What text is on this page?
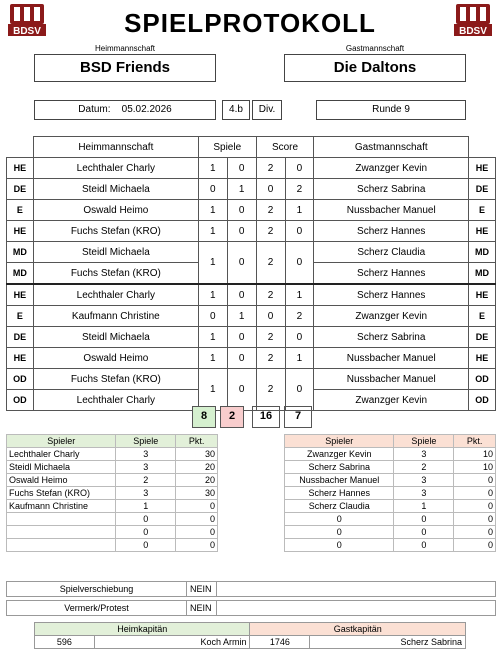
BDSV	BDSV
SPIELPROTOKOLL
Heimmannschaft	Gastmannschaft
BSD Friends	Die Daltons
Datum: 05.02.2026	4.b	Div.	Runde 9
	Heimmannschaft	Spiele		Score		Gastmannschaft	
HE	Lechthaler Charly	1	0	2	0	Zwanzger Kevin	HE
DE	Steidl Michaela	0	1	0	2	Scherz Sabrina	DE
E	Oswald Heimo	1	0	2	1	Nussbacher Manuel	E
HE	Fuchs Stefan (KRO)	1	0	2	0	Scherz Hannes	HE
MD	Steidl Michaela	1	0	2	0	Scherz Claudia	MD
MD	Fuchs Stefan (KRO)					Scherz Hannes	MD
HE	Lechthaler Charly	1	0	2	1	Scherz Hannes	HE
E	Kaufmann Christine	0	1	0	2	Zwanzger Kevin	E
DE	Steidl Michaela	1	0	2	0	Scherz Sabrina	DE
HE	Oswald Heimo	1	0	2	1	Nussbacher Manuel	HE
OD	Fuchs Stefan (KRO)	1	0	2	0	Nussbacher Manuel	OD
OD	Lechthaler Charly					Zwanzger Kevin	OD
8	2	16	7
Spieler	Spiele	Pkt.
Lechthaler Charly	3	30
Steidl Michaela	3	20
Oswald Heimo	2	20
Fuchs Stefan (KRO)	3	30
Kaufmann Christine	1	0
	0	0
	0	0
	0	0
Spieler	Spiele	Pkt.
Zwanzger Kevin	3	10
Scherz Sabrina	2	10
Nussbacher Manuel	3	0
Scherz Hannes	3	0
Scherz Claudia	1	0
0	0	0
0	0	0
0	0	0
Spielverschiebung	NEIN	
Vermerk/Protest	NEIN	
Heimkapitän		Gastkapitän	
596	Koch Armin	1746	Scherz Sabrina
